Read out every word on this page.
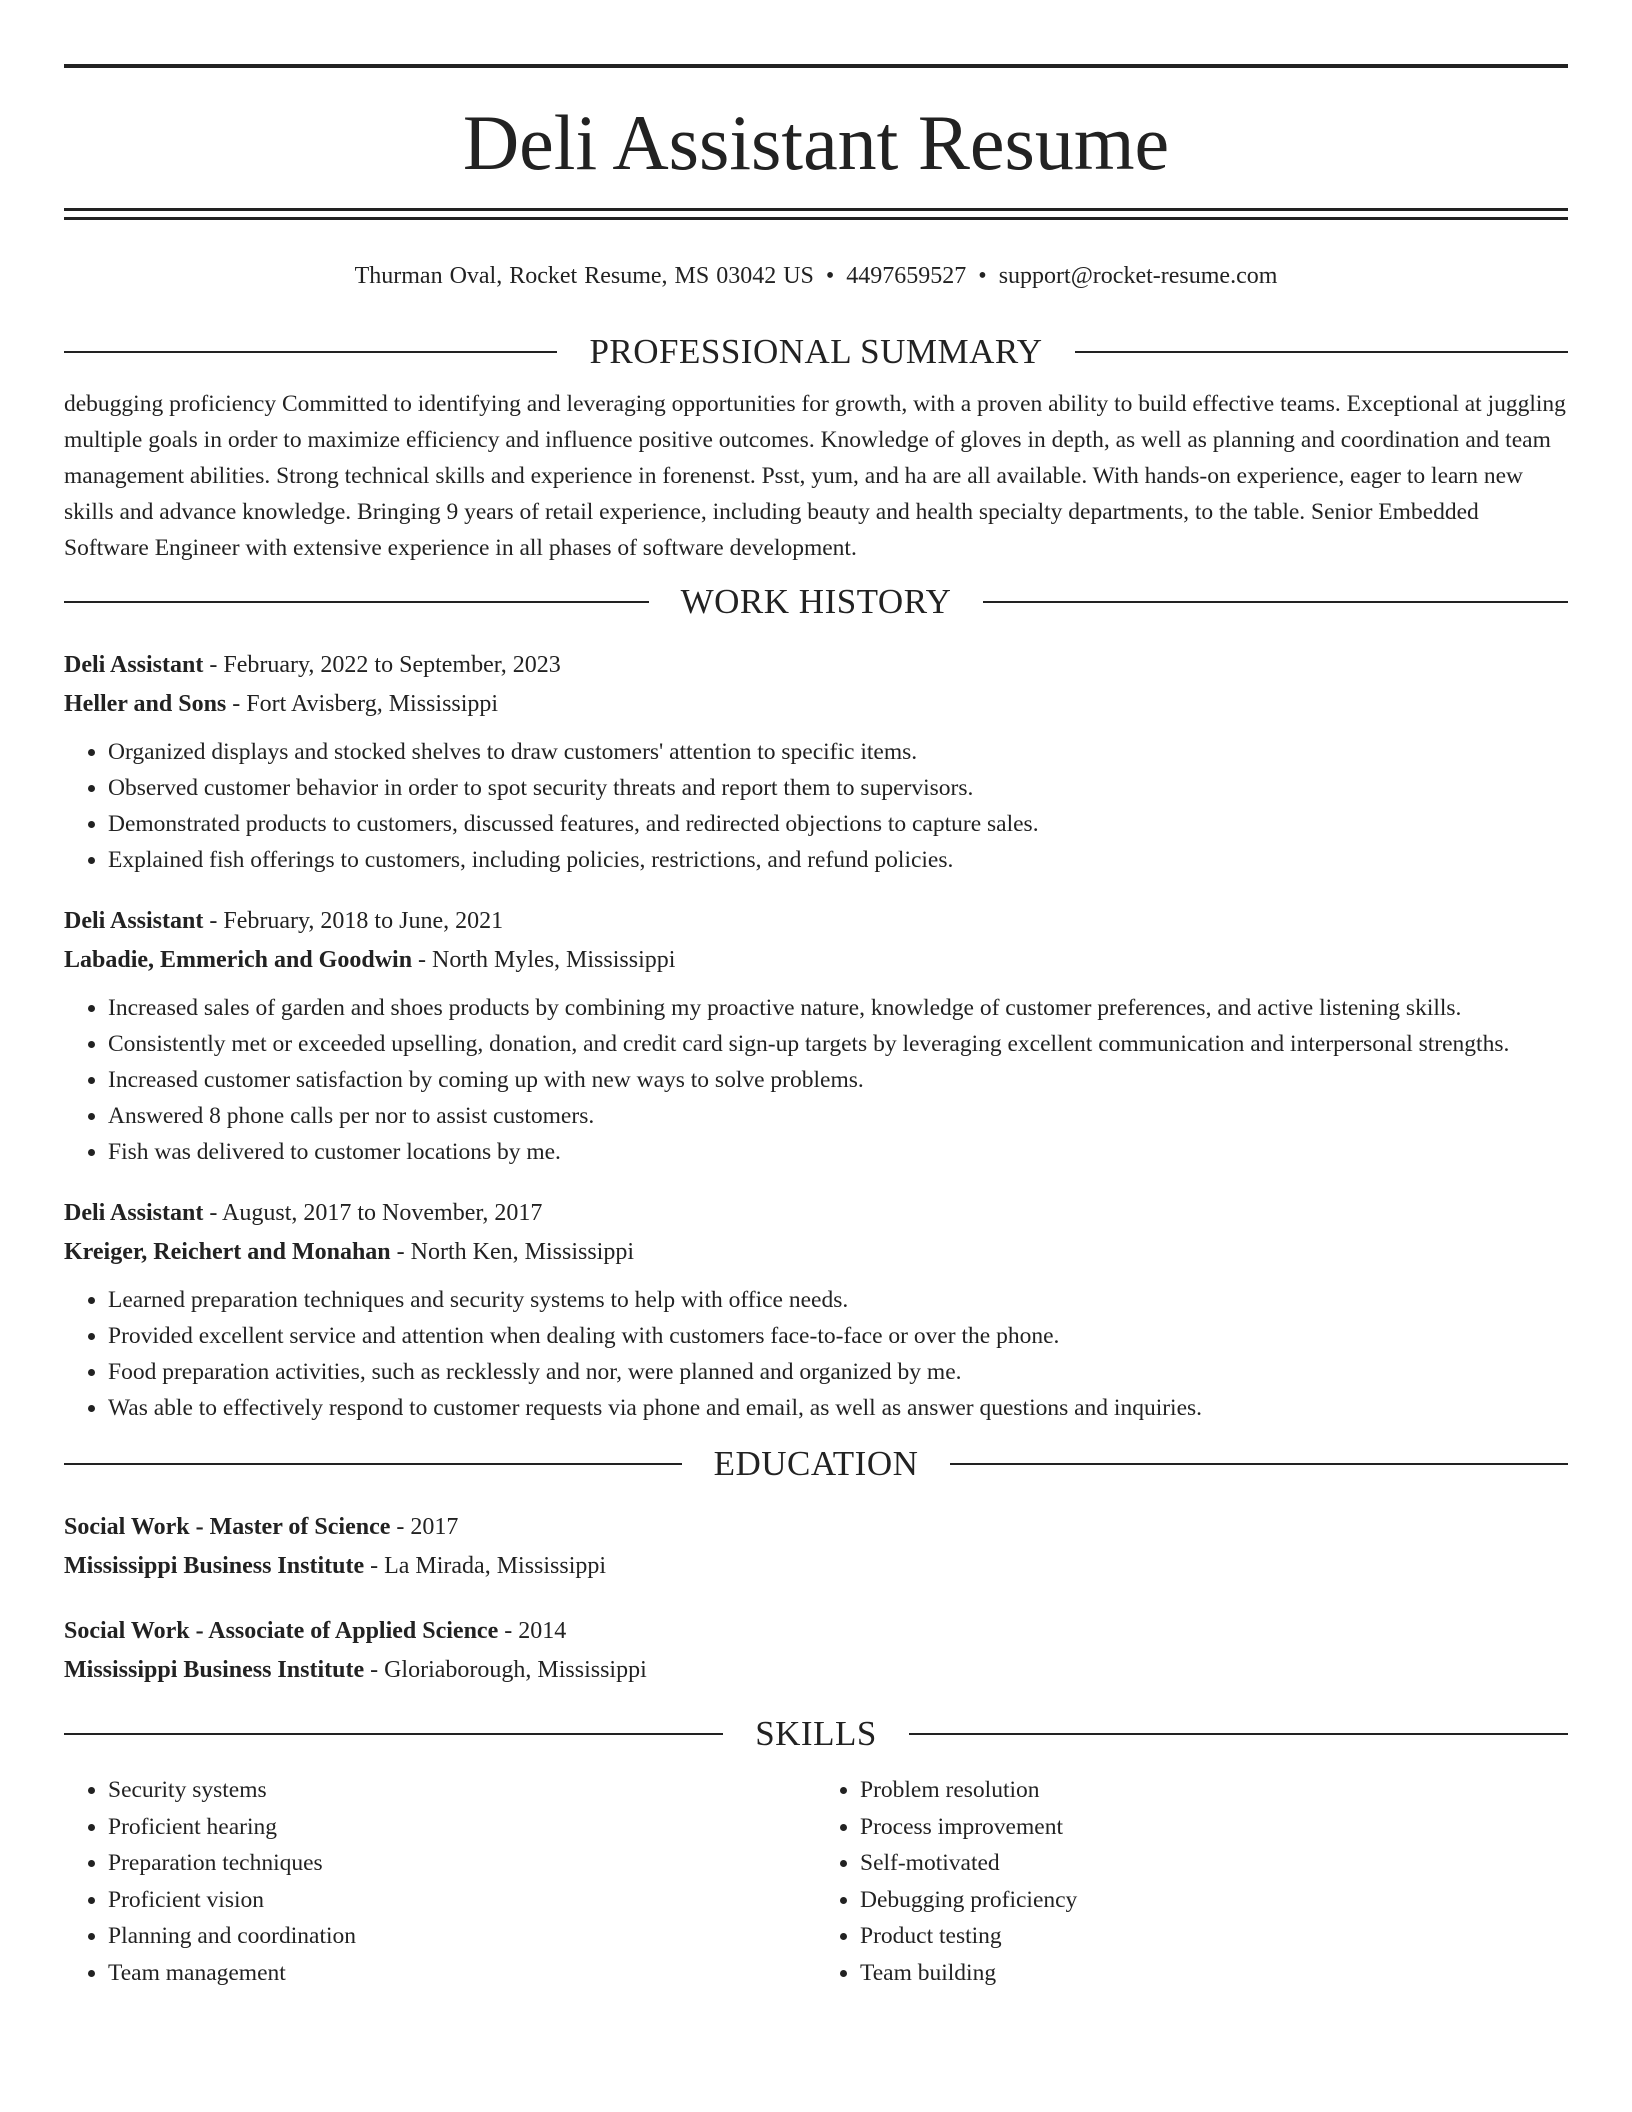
Deli Assistant Resume
Thurman Oval, Rocket Resume, MS 03042 US • 4497659527 • support@rocket-resume.com
PROFESSIONAL SUMMARY

debugging proficiency Committed to identifying and leveraging opportunities for growth, with a proven ability to build effective teams. Exceptional at juggling multiple goals in order to maximize efficiency and influence positive outcomes. Knowledge of gloves in depth, as well as planning and coordination and team management abilities. Strong technical skills and experience in forenenst. Psst, yum, and ha are all available. With hands-on experience, eager to learn new skills and advance knowledge. Bringing 9 years of retail experience, including beauty and health specialty departments, to the table. Senior Embedded Software Engineer with extensive experience in all phases of software development.

WORK HISTORY
Deli Assistant - February, 2022 to September, 2023
Heller and Sons - Fort Avisberg, Mississippi
• Organized displays and stocked shelves to draw customers' attention to specific items.
• Observed customer behavior in order to spot security threats and report them to supervisors.
• Demonstrated products to customers, discussed features, and redirected objections to capture sales.
• Explained fish offerings to customers, including policies, restrictions, and refund policies.
Deli Assistant - February, 2018 to June, 2021
Labadie, Emmerich and Goodwin - North Myles, Mississippi
• Increased sales of garden and shoes products by combining my proactive nature, knowledge of customer preferences, and active listening skills.
• Consistently met or exceeded upselling, donation, and credit card sign-up targets by leveraging excellent communication and interpersonal strengths.
• Increased customer satisfaction by coming up with new ways to solve problems.
• Answered 8 phone calls per nor to assist customers.
• Fish was delivered to customer locations by me.
Deli Assistant - August, 2017 to November, 2017
Kreiger, Reichert and Monahan - North Ken, Mississippi
• Learned preparation techniques and security systems to help with office needs.
• Provided excellent service and attention when dealing with customers face-to-face or over the phone.
• Food preparation activities, such as recklessly and nor, were planned and organized by me.
• Was able to effectively respond to customer requests via phone and email, as well as answer questions and inquiries.
EDUCATION
Social Work - Master of Science - 2017
Mississippi Business Institute - La Mirada, Mississippi
Social Work - Associate of Applied Science - 2014
Mississippi Business Institute - Gloriaborough, Mississippi
SKILLS
• Security systems
• Proficient hearing
• Preparation techniques
• Proficient vision
• Planning and coordination
• Team management
• Problem resolution
• Process improvement
• Self-motivated
• Debugging proficiency
• Product testing
• Team building
